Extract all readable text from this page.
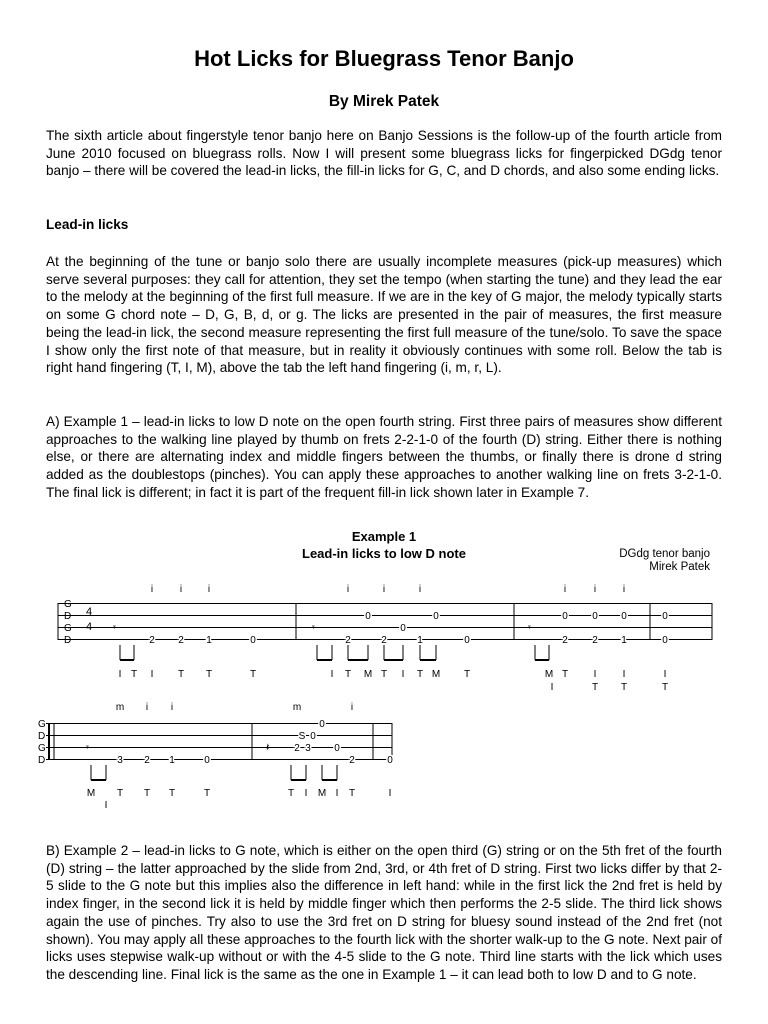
Hot Licks for Bluegrass Tenor Banjo
By Mirek Patek

The sixth article about fingerstyle tenor banjo here on Banjo Sessions is the follow-up of the fourth article from June 2010 focused on bluegrass rolls. Now I will present some bluegrass licks for fingerpicked DGdg tenor banjo – there will be covered the lead-in licks, the fill-in licks for G, C, and D chords, and also some ending licks.

Lead-in licks

At the beginning of the tune or banjo solo there are usually incomplete measures (pick-up measures) which serve several purposes: they call for attention, they set the tempo (when starting the tune) and they lead the ear to the melody at the beginning of the first full measure. If we are in the key of G major, the melody typically starts on some G chord note – D, G, B, d, or g. The licks are presented in the pair of measures, the first measure being the lead-in lick, the second measure representing the first full measure of the tune/solo. To save the space I show only the first note of that measure, but in reality it obviously continues with some roll. Below the tab is right hand fingering (T, I, M), above the tab the left hand fingering (i, m, r, L).

A) Example 1 – lead-in licks to low D note on the open fourth string. First three pairs of measures show different approaches to the walking line played by thumb on frets 2-2-1-0 of the fourth (D) string. Either there is nothing else, or there are alternating index and middle fingers between the thumbs, or finally there is drone d string added as the doublestops (pinches). You can apply these approaches to another walking line on frets 3-2-1-0. The final lick is different; in fact it is part of the frequent fill-in lick shown later in Example 7.

Example 1
Lead-in licks to low D note	DGdg tenor banjo
Mirek Patek
G
D
G
D
G
D
G
D
4
4
2 2 1	0	2
0
2
0
1
0
0
0
2
0
2
0
1
0
0
3 2 1	0
2 3
S 0
0
0
2	0
𝄾	𝄾	𝄾
𝄾	𝄽
i	i	i	i	i	i	i	i	i
m i i	m	i
I T T	T
T
I	I T M T I T M T	M T	I	I	I
I	T T	T
M T T T	T
I
T I M I T	I

B) Example 2 – lead-in licks to G note, which is either on the open third (G) string or on the 5th fret of the fourth (D) string – the latter approached by the slide from 2nd, 3rd, or 4th fret of D string. First two licks differ by that 2-5 slide to the G note but this implies also the difference in left hand: while in the first lick the 2nd fret is held by index finger, in the second lick it is held by middle finger which then performs the 2-5 slide. The third lick shows again the use of pinches. Try also to use the 3rd fret on D string for bluesy sound instead of the 2nd fret (not shown). You may apply all these approaches to the fourth lick with the shorter walk-up to the G note. Next pair of licks uses stepwise walk-up without or with the 4-5 slide to the G note. Third line starts with the lick which uses the descending line. Final lick is the same as the one in Example 1 – it can lead both to low D and to G note.
